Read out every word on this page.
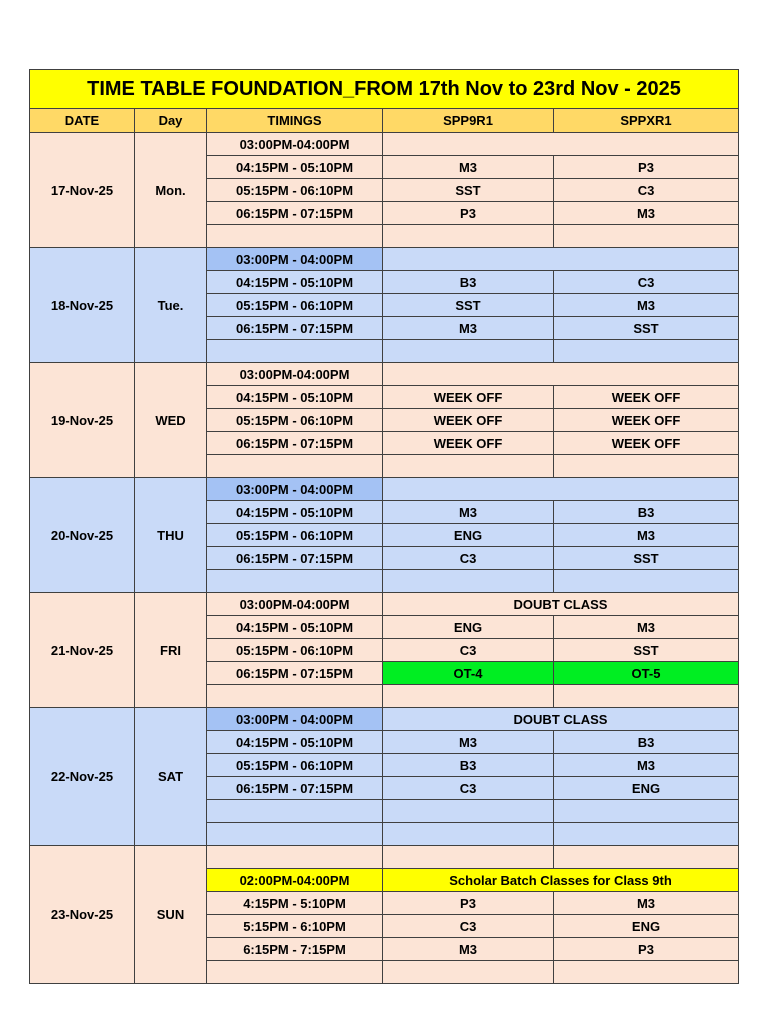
TIME TABLE FOUNDATION_FROM 17th Nov to 23rd Nov - 2025				
DATE	Day	TIMINGS	SPP9R1	SPPXR1
17-Nov-25	Mon.	03:00PM-04:00PM		
		04:15PM - 05:10PM	M3	P3
		05:15PM - 06:10PM	SST	C3
		06:15PM - 07:15PM	P3	M3

18-Nov-25	Tue.	03:00PM - 04:00PM		
		04:15PM - 05:10PM	B3	C3
		05:15PM - 06:10PM	SST	M3
		06:15PM - 07:15PM	M3	SST

19-Nov-25	WED	03:00PM-04:00PM		
		04:15PM - 05:10PM	WEEK OFF	WEEK OFF
		05:15PM - 06:10PM	WEEK OFF	WEEK OFF
		06:15PM - 07:15PM	WEEK OFF	WEEK OFF

20-Nov-25	THU	03:00PM - 04:00PM		
		04:15PM - 05:10PM	M3	B3
		05:15PM - 06:10PM	ENG	M3
		06:15PM - 07:15PM	C3	SST

21-Nov-25	FRI	03:00PM-04:00PM	DOUBT CLASS	
		04:15PM - 05:10PM	ENG	M3
		05:15PM - 06:10PM	C3	SST
		06:15PM - 07:15PM	OT-4	OT-5

22-Nov-25	SAT	03:00PM - 04:00PM	DOUBT CLASS	
		04:15PM - 05:10PM	M3	B3
		05:15PM - 06:10PM	B3	M3
		06:15PM - 07:15PM	C3	ENG

23-Nov-25	SUN			
		02:00PM-04:00PM	Scholar Batch Classes for Class 9th	
		4:15PM - 5:10PM	P3	M3
		5:15PM - 6:10PM	C3	ENG
		6:15PM - 7:15PM	M3	P3
